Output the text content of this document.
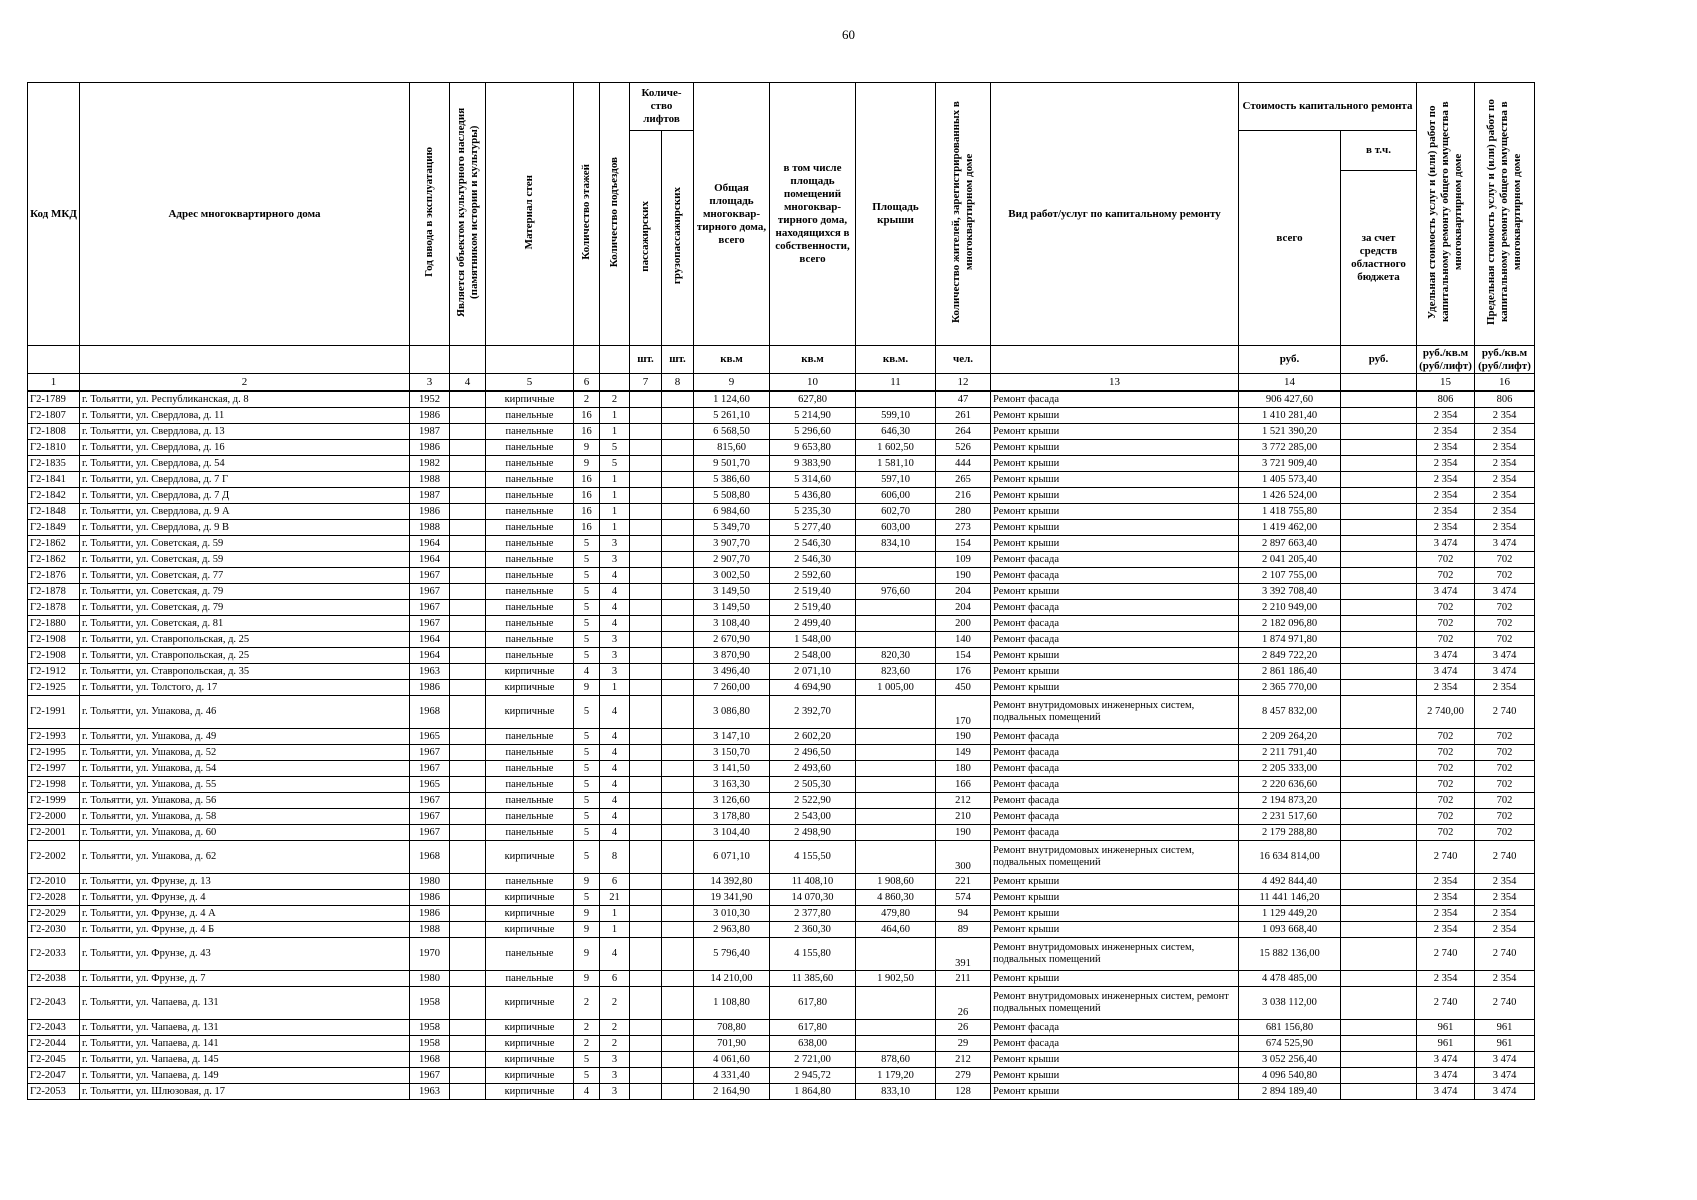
60
Код МКД	Адрес многоквартирного дома	Год ввода в эксплуатацию	Является объектом культурного наследия (памятником истории и культуры)	Материал стен	Количество этажей	Количество подъездов	Количе- ство лифтов		Общая площадь многоквар- тирного дома, всего	в том числе площадь помещений многоквар- тирного дома, находящихся в собственности, всего	Площадь крыши	Количество жителей, зарегистрированных в многоквартирном доме	Вид работ/услуг по капитальному ремонту	Стоимость капитального ремонта		Удельная стоимость услуг и (или) работ по капитальному ремонту общего имущества в многоквартирном доме	Предельная стоимость услуг и (или) работ по капитальному ремонту общего имущества в многоквартирном доме
							пассажирских	грузопассажирских						всего	в т.ч.		
															за счет средств областного бюджета		
							шт.	шт.	кв.м	кв.м	кв.м.	чел.		руб.	руб.	руб./кв.м (руб/лифт)	руб./кв.м (руб/лифт)
1	2	3	4	5	6		7	8	9	10	11	12	13	14		15	16
Г2-1789	г. Тольятти, ул. Республиканская, д. 8	1952		кирпичные	2	2			1 124,60	627,80		47	Ремонт фасада	906 427,60		806	806
Г2-1807	г. Тольятти, ул. Свердлова, д. 11	1986		панельные	16	1			5 261,10	5 214,90	599,10	261	Ремонт крыши	1 410 281,40		2 354	2 354
Г2-1808	г. Тольятти, ул. Свердлова, д. 13	1987		панельные	16	1			6 568,50	5 296,60	646,30	264	Ремонт крыши	1 521 390,20		2 354	2 354
Г2-1810	г. Тольятти, ул. Свердлова, д. 16	1986		панельные	9	5			815,60	9 653,80	1 602,50	526	Ремонт крыши	3 772 285,00		2 354	2 354
Г2-1835	г. Тольятти, ул. Свердлова, д. 54	1982		панельные	9	5			9 501,70	9 383,90	1 581,10	444	Ремонт крыши	3 721 909,40		2 354	2 354
Г2-1841	г. Тольятти, ул. Свердлова, д. 7 Г	1988		панельные	16	1			5 386,60	5 314,60	597,10	265	Ремонт крыши	1 405 573,40		2 354	2 354
Г2-1842	г. Тольятти, ул. Свердлова, д. 7 Д	1987		панельные	16	1			5 508,80	5 436,80	606,00	216	Ремонт крыши	1 426 524,00		2 354	2 354
Г2-1848	г. Тольятти, ул. Свердлова, д. 9 А	1986		панельные	16	1			6 984,60	5 235,30	602,70	280	Ремонт крыши	1 418 755,80		2 354	2 354
Г2-1849	г. Тольятти, ул. Свердлова, д. 9 В	1988		панельные	16	1			5 349,70	5 277,40	603,00	273	Ремонт крыши	1 419 462,00		2 354	2 354
Г2-1862	г. Тольятти, ул. Советская, д. 59	1964		панельные	5	3			3 907,70	2 546,30	834,10	154	Ремонт крыши	2 897 663,40		3 474	3 474
Г2-1862	г. Тольятти, ул. Советская, д. 59	1964		панельные	5	3			2 907,70	2 546,30		109	Ремонт фасада	2 041 205,40		702	702
Г2-1876	г. Тольятти, ул. Советская, д. 77	1967		панельные	5	4			3 002,50	2 592,60		190	Ремонт фасада	2 107 755,00		702	702
Г2-1878	г. Тольятти, ул. Советская, д. 79	1967		панельные	5	4			3 149,50	2 519,40	976,60	204	Ремонт крыши	3 392 708,40		3 474	3 474
Г2-1878	г. Тольятти, ул. Советская, д. 79	1967		панельные	5	4			3 149,50	2 519,40		204	Ремонт фасада	2 210 949,00		702	702
Г2-1880	г. Тольятти, ул. Советская, д. 81	1967		панельные	5	4			3 108,40	2 499,40		200	Ремонт фасада	2 182 096,80		702	702
Г2-1908	г. Тольятти, ул. Ставропольская, д. 25	1964		панельные	5	3			2 670,90	1 548,00		140	Ремонт фасада	1 874 971,80		702	702
Г2-1908	г. Тольятти, ул. Ставропольская, д. 25	1964		панельные	5	3			3 870,90	2 548,00	820,30	154	Ремонт крыши	2 849 722,20		3 474	3 474
Г2-1912	г. Тольятти, ул. Ставропольская, д. 35	1963		кирпичные	4	3			3 496,40	2 071,10	823,60	176	Ремонт крыши	2 861 186,40		3 474	3 474
Г2-1925	г. Тольятти, ул. Толстого, д. 17	1986		кирпичные	9	1			7 260,00	4 694,90	1 005,00	450	Ремонт крыши	2 365 770,00		2 354	2 354
Г2-1991	г. Тольятти, ул. Ушакова, д. 46	1968		кирпичные	5	4			3 086,80	2 392,70		170	Ремонт внутридомовых инженерных систем, подвальных помещений	8 457 832,00		2 740,00	2 740
Г2-1993	г. Тольятти, ул. Ушакова, д. 49	1965		панельные	5	4			3 147,10	2 602,20		190	Ремонт фасада	2 209 264,20		702	702
Г2-1995	г. Тольятти, ул. Ушакова, д. 52	1967		панельные	5	4			3 150,70	2 496,50		149	Ремонт фасада	2 211 791,40		702	702
Г2-1997	г. Тольятти, ул. Ушакова, д. 54	1967		панельные	5	4			3 141,50	2 493,60		180	Ремонт фасада	2 205 333,00		702	702
Г2-1998	г. Тольятти, ул. Ушакова, д. 55	1965		панельные	5	4			3 163,30	2 505,30		166	Ремонт фасада	2 220 636,60		702	702
Г2-1999	г. Тольятти, ул. Ушакова, д. 56	1967		панельные	5	4			3 126,60	2 522,90		212	Ремонт фасада	2 194 873,20		702	702
Г2-2000	г. Тольятти, ул. Ушакова, д. 58	1967		панельные	5	4			3 178,80	2 543,00		210	Ремонт фасада	2 231 517,60		702	702
Г2-2001	г. Тольятти, ул. Ушакова, д. 60	1967		панельные	5	4			3 104,40	2 498,90		190	Ремонт фасада	2 179 288,80		702	702
Г2-2002	г. Тольятти, ул. Ушакова, д. 62	1968		кирпичные	5	8			6 071,10	4 155,50		300	Ремонт внутридомовых инженерных систем, подвальных помещений	16 634 814,00		2 740	2 740
Г2-2010	г. Тольятти, ул. Фрунзе, д. 13	1980		панельные	9	6			14 392,80	11 408,10	1 908,60	221	Ремонт крыши	4 492 844,40		2 354	2 354
Г2-2028	г. Тольятти, ул. Фрунзе, д. 4	1986		кирпичные	5	21			19 341,90	14 070,30	4 860,30	574	Ремонт крыши	11 441 146,20		2 354	2 354
Г2-2029	г. Тольятти, ул. Фрунзе, д. 4 А	1986		кирпичные	9	1			3 010,30	2 377,80	479,80	94	Ремонт крыши	1 129 449,20		2 354	2 354
Г2-2030	г. Тольятти, ул. Фрунзе, д. 4 Б	1988		кирпичные	9	1			2 963,80	2 360,30	464,60	89	Ремонт крыши	1 093 668,40		2 354	2 354
Г2-2033	г. Тольятти, ул. Фрунзе, д. 43	1970		панельные	9	4			5 796,40	4 155,80		391	Ремонт внутридомовых инженерных систем, подвальных помещений	15 882 136,00		2 740	2 740
Г2-2038	г. Тольятти, ул. Фрунзе, д. 7	1980		панельные	9	6			14 210,00	11 385,60	1 902,50	211	Ремонт крыши	4 478 485,00		2 354	2 354
Г2-2043	г. Тольятти, ул. Чапаева, д. 131	1958		кирпичные	2	2			1 108,80	617,80		26	Ремонт внутридомовых инженерных систем, ремонт подвальных помещений	3 038 112,00		2 740	2 740
Г2-2043	г. Тольятти, ул. Чапаева, д. 131	1958		кирпичные	2	2			708,80	617,80		26	Ремонт фасада	681 156,80		961	961
Г2-2044	г. Тольятти, ул. Чапаева, д. 141	1958		кирпичные	2	2			701,90	638,00		29	Ремонт фасада	674 525,90		961	961
Г2-2045	г. Тольятти, ул. Чапаева, д. 145	1968		кирпичные	5	3			4 061,60	2 721,00	878,60	212	Ремонт крыши	3 052 256,40		3 474	3 474
Г2-2047	г. Тольятти, ул. Чапаева, д. 149	1967		кирпичные	5	3			4 331,40	2 945,72	1 179,20	279	Ремонт крыши	4 096 540,80		3 474	3 474
Г2-2053	г. Тольятти, ул. Шлюзовая, д. 17	1963		кирпичные	4	3			2 164,90	1 864,80	833,10	128	Ремонт крыши	2 894 189,40		3 474	3 474
